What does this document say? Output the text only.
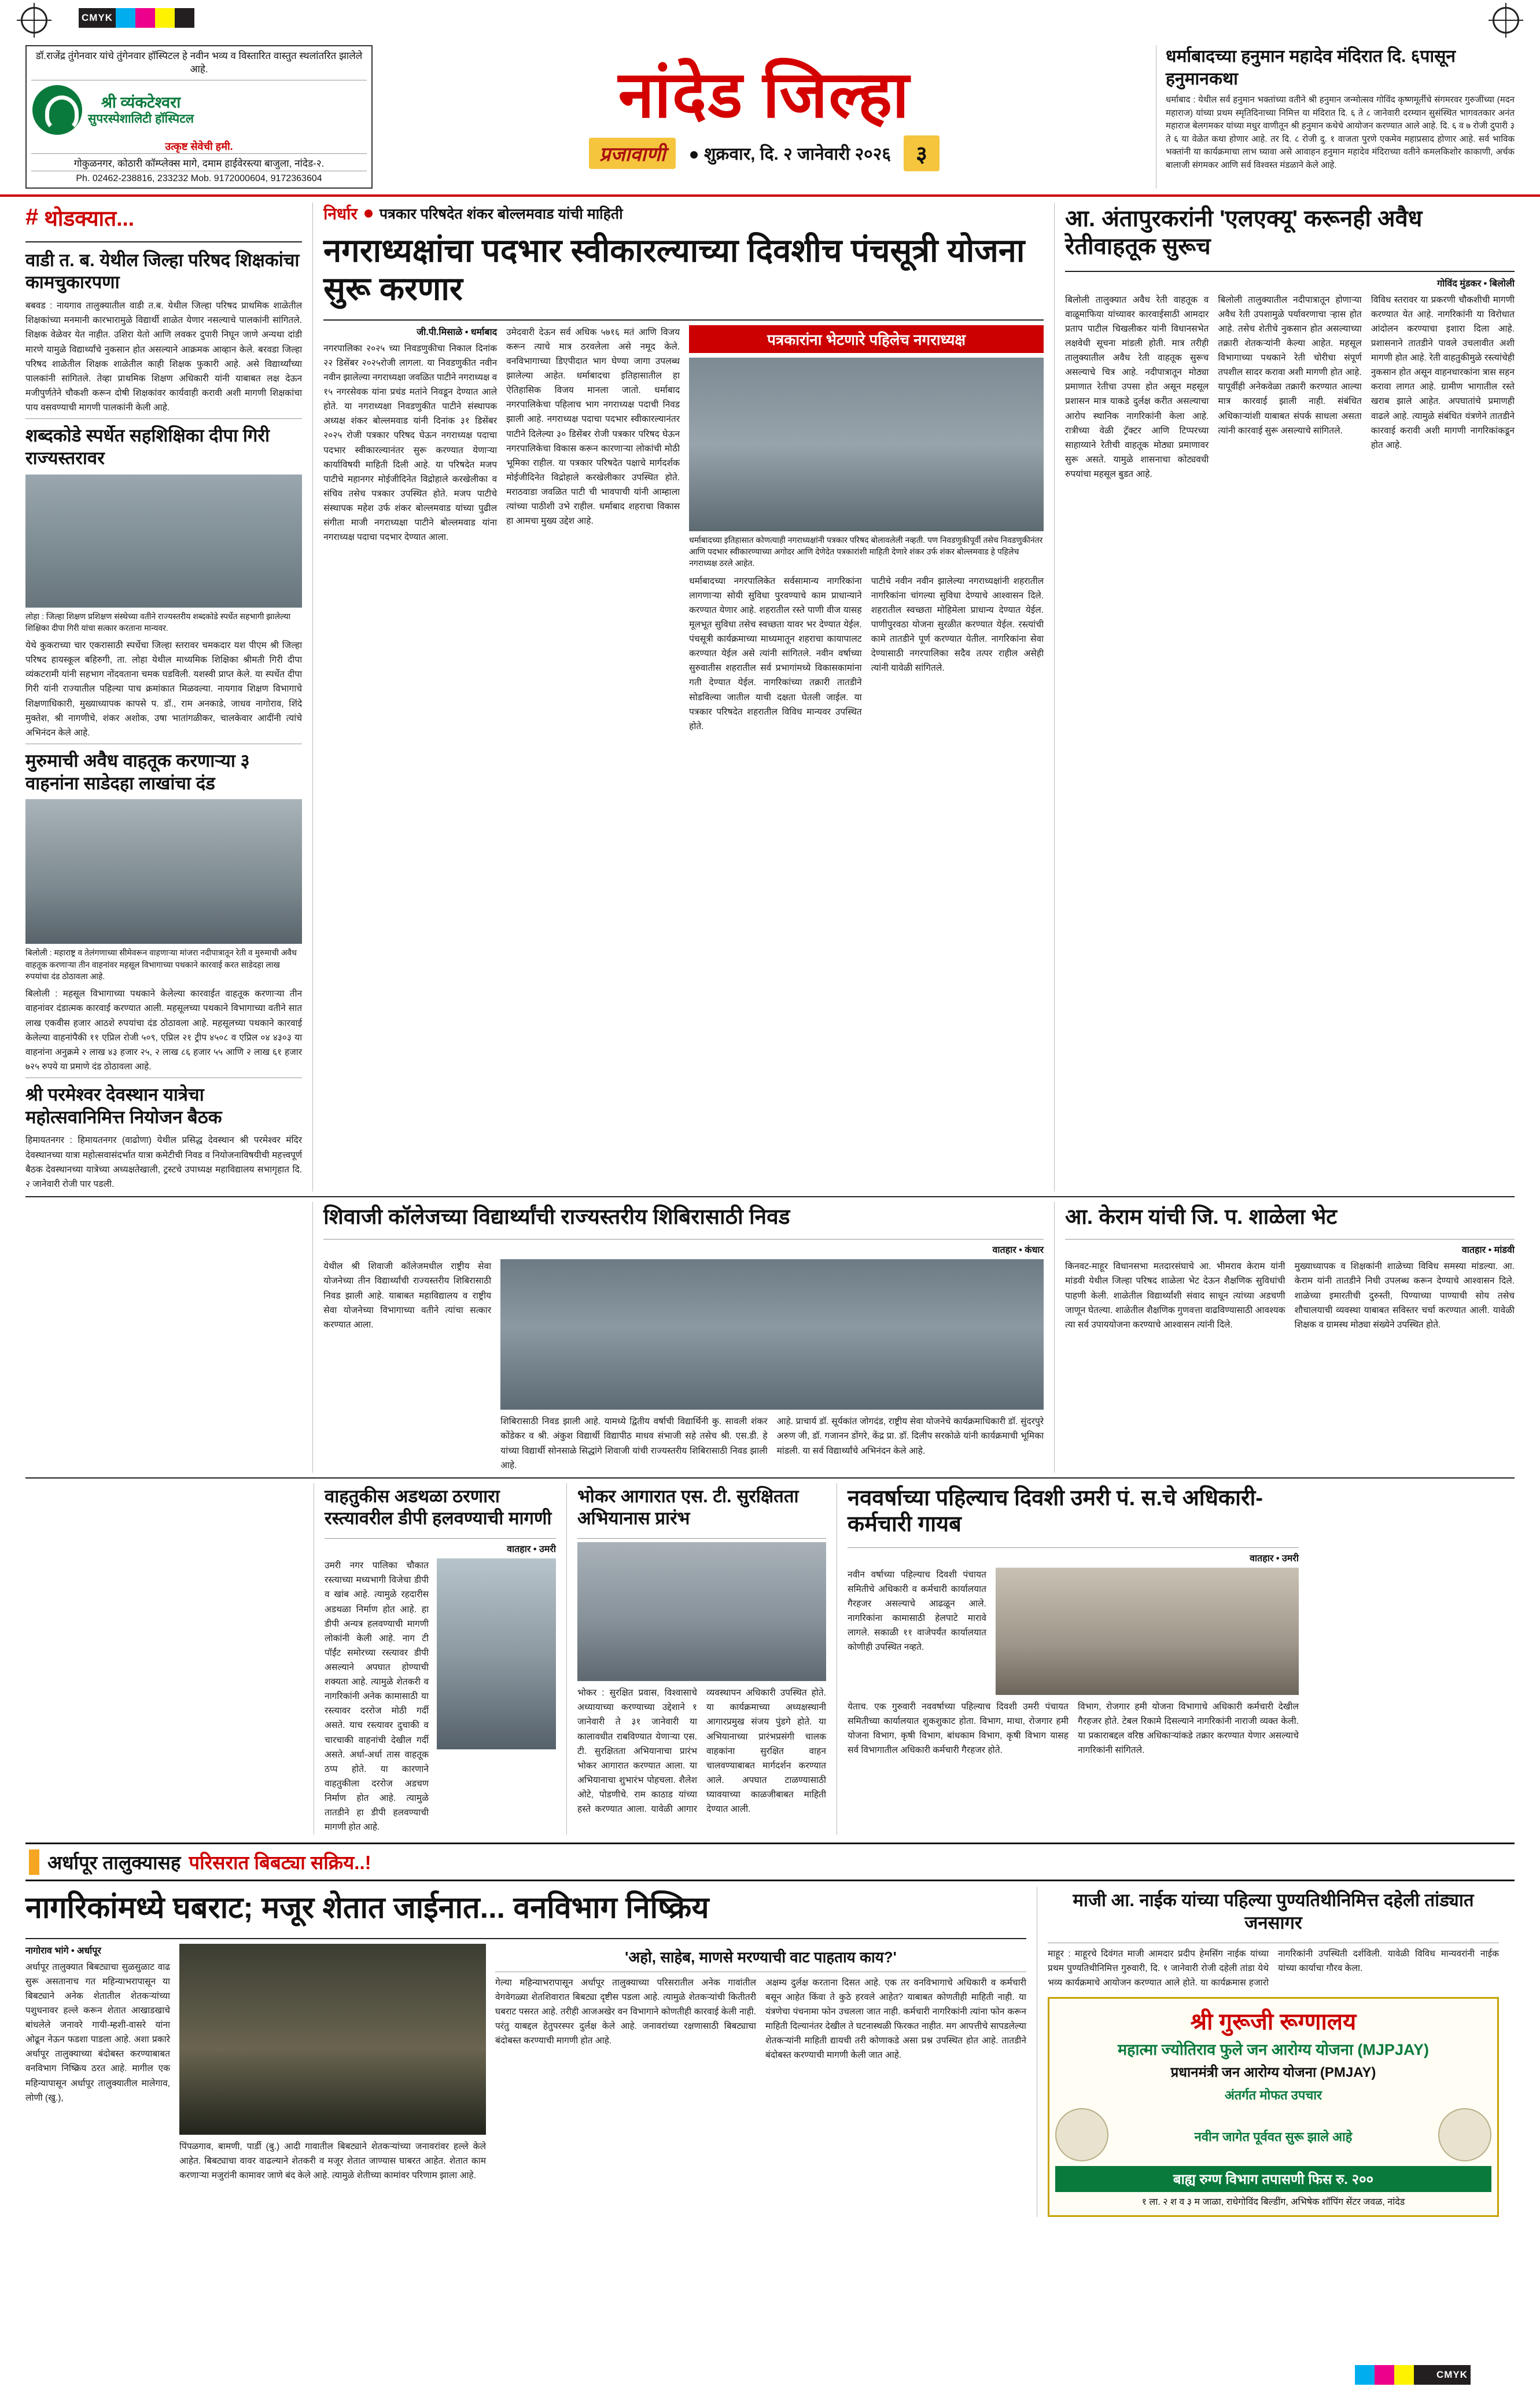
CMYK
डॉ.राजेंद्र तुंगेनवार यांचे तुंगेनवार हॉस्पिटल हे नवीन भव्य व विस्तारित वास्तुत स्थलांतरित झालेले आहे.
श्री व्यंकटेश्वरा
सुपरस्पेशालिटी हॉस्पिटल
उत्कृष्ट सेवेची हमी.
गोकुळनगर, कोठारी कॉम्प्लेक्स मागे, दमाम हाईवेरस्त्या बाजुला, नांदेड-२.
Ph. 02462-238816, 233232 Mob. 9172000604, 9172363604
नांदेड जिल्हा
प्रजावाणी	● शुक्रवार, दि. २ जानेवारी २०२६	३
धर्माबादच्या हनुमान महादेव मंदिरात दि. ६पासून हनुमानकथा

धर्माबाद : येथील सर्व हनुमान भक्तांच्या वतीने श्री हनुमान जन्मोत्सव गोविंद कृष्णमूर्तीचे संगमरवर गुरुजींच्या (मदन महाराज) यांच्या प्रथम स्मृतिदिनाच्या निमित्त या मंदिरात दि. ६ ते ८ जानेवारी दरम्यान सुसंस्थित भागवतकार अनंत महाराज बेलगमकर यांच्या मधुर वाणीतून श्री हनुमान कथेचे आयोजन करण्यात आले आहे. दि. ६ व ७ रोजी दुपारी ३ ते ६ या वेळेत कथा होणार आहे. तर दि. ८ रोजी दु. १ वाजता पुरणे एकमेव महाप्रसाद होणार आहे. सर्व भाविक भक्तांनी या कार्यक्रमाचा लाभ घ्यावा असे आवाहन हनुमान महादेव मंदिराच्या वतीने कमलकिशोर काकाणी, अर्चक बालाजी संगमकर आणि सर्व विश्वस्त मंडळाने केले आहे.

# थोडक्यात...
वाडी त. ब. येथील जिल्हा परिषद शिक्षकांचा कामचुकारपणा
बबवड : नायगाव तालुक्यातील वाडी त.ब. येथील जिल्हा परिषद प्राथमिक शाळेतील शिक्षकांच्या मनमानी कारभारामुळे विद्यार्थी शाळेत येणार नसल्याचे पालकांनी सांगितले. शिक्षक वेळेवर येत नाहीत. उशिरा येतो आणि लवकर दुपारी निघून जाणे अन्यथा दांडी मारणे यामुळे विद्यार्थ्यांचे नुकसान होत असल्याने आक्रमक आव्हान केले. बरवडा जिल्हा परिषद शाळेतील शिक्षक शाळेतील काही शिक्षक फुकारी आहे. असे विद्यार्थ्यांच्या पालकांनी सांगितले. तेव्हा प्राथमिक शिक्षण अधिकारी यांनी याबाबत लक्ष देऊन मजीपुर्णतेने चौकशी करून दोषी शिक्षकांवर कार्यवाही करावी अशी मागणी शिक्षकांचा पाय वसवण्याची मागणी पालकांनी केली आहे.
शब्दकोडे स्पर्धेत सहशिक्षिका दीपा गिरी राज्यस्तरावर
लोहा : जिल्हा शिक्षण प्रशिक्षण संस्थेच्या वतीने राज्यस्तरीय शब्दकोडे स्पर्धेत सहभागी झालेल्या शिक्षिका दीपा गिरी यांचा सत्कार करताना मान्यवर.
येथे कुकराच्या चार एकरासाठी स्पर्धेचा जिल्हा स्तरावर चमकदार यश पीएम श्री जिल्हा परिषद हायस्कूल बहिरुगी, ता. लोहा येथील माध्यमिक शिक्षिका श्रीमती गिरी दीपा व्यंकटरामी यांनी सहभाग नोंदवताना चमक घडविली. यशस्वी प्राप्त केले. या स्पर्धेत दीपा गिरी यांनी राज्यातील पहिल्या पाच क्रमांकात मिळवल्या. नायगाव शिक्षण विभागाचे शिक्षणाधिकारी, मुख्याध्यापक कापसे प. डॉ., राम अनकाडे, जाधव नागोराव, शिंदे मुक्तेश, श्री नागणीचे, शंकर अशोक, उषा भातांगळीकर, चालकेवार आदींनी त्यांचे अभिनंदन केले आहे.
मुरुमाची अवैध वाहतूक करणाऱ्या ३ वाहनांना साडेदहा लाखांचा दंड
बिलोली : महाराष्ट्र व तेलंगणाच्या सीमेवरून वाहणाऱ्या मांजरा नदीपात्रातून रेती व मुरुमाची अवैध वाहतूक करणाऱ्या तीन वाहनांवर महसूल विभागाच्या पथकाने कारवाई करत साडेदहा लाख रुपयांचा दंड ठोठावला आहे.
बिलोली : महसूल विभागाच्या पथकाने केलेल्या कारवाईत वाहतूक करणाऱ्या तीन वाहनांवर दंडात्मक कारवाई करण्यात आली. महसूलच्या पथकाने विभागाच्या वतीने सात लाख एकवीस हजार आठशे रुपयांचा दंड ठोठावला आहे. महसूलच्या पथकाने कारवाई केलेल्या वाहनांपैकी ११ एप्रिल रोजी ५०९, एप्रिल २१ ट्रीप ४५०८ व एप्रिल ०४ ४३०३ या वाहनांना अनुक्रमे २ लाख ४३ हजार २५, २ लाख ८६ हजार ५५ आणि २ लाख ६१ हजार ७२५ रुपये या प्रमाणे दंड ठोठावला आहे.
श्री परमेश्वर देवस्थान यात्रेचा महोत्सवानिमित्त नियोजन बैठक
हिमायतनगर : हिमायतनगर (वाढोणा) येथील प्रसिद्ध देवस्थान श्री परमेश्वर मंदिर देवस्थानच्या यात्रा महोत्सवासंदर्भात यात्रा कमेटीची निवड व नियोजनाविषयीची महत्त्वपूर्ण बैठक देवस्थानच्या यात्रेच्या अध्यक्षतेखाली, ट्रस्टचे उपाध्यक्ष महाविद्यालय सभागृहात दि. २ जानेवारी रोजी पार पडली.
निर्धार पत्रकार परिषदेत शंकर बोल्लमवाड यांची माहिती
नगराध्यक्षांचा पदभार स्वीकारल्याच्या दिवशीच पंचसूत्री योजना सुरू करणार
जी.पी.मिसाळे • धर्माबाद
नगरपालिका २०२५ च्या निवडणुकीचा निकाल दिनांक २२ डिसेंबर २०२५रोजी लागला. या निवडणुकीत नवीन नवीन झालेल्या नगराध्यक्षा जवळित पाटीने नगराध्यक्ष व १५ नगरसेवक यांना प्रचंड मतांने निवडून देण्यात आले होते. या नगराध्यक्षा निवडणुकीत पाटीने संस्थापक अध्यक्ष शंकर बोल्लमवाड यांनी दिनांक ३१ डिसेंबर २०२५ रोजी पत्रकार परिषद घेऊन नगराध्यक्ष पदाचा पदभार स्वीकारल्यानंतर सुरू करण्यात येणाऱ्या कार्याविषयी माहिती दिली आहे. या परिषदेत मजप पाटीचे महानगर मोईजीदिनेत विद्रोहाले करखेलीका व संचिव तसेच पत्रकार उपस्थित होते. मजप पाटीचे संस्थापक महेश उर्फ शंकर बोल्लमवाड यांच्या पुढील संगीता माजी नगराध्यक्षा पाटीने बोल्लमवाड यांना नगराध्यक्ष पदाचा पदभार देण्यात आला.
उमेदवारी देऊन सर्व अधिक ५७१६ मतं आणि विजय करून त्याचे मात्र ठरवलेला असे नमूद केले. वनविभागाच्या डिएपीदात भाग घेण्या जागा उपलब्ध झालेल्या आहेत. धर्माबादचा इतिहासातील हा ऐतिहासिक विजय मानला जातो. धर्माबाद नगरपालिकेचा पहिलाच भाग नगराध्यक्ष पदाची निवड झाली आहे. नगराध्यक्ष पदाचा पदभार स्वीकारल्यानंतर पाटीने दिलेल्या ३० डिसेंबर रोजी पत्रकार परिषद घेऊन नगरपालिकेचा विकास करून कारणाऱ्या लोकांची मोठी भूमिका राहील. या पत्रकार परिषदेत पक्षाचे मार्गदर्शक मोईजीदिनेत विद्रोहाले करखेलीकार उपस्थित होते. मराठवाडा जवळित पाटी ची भावपाची यांनी आम्हाला त्यांच्या पाठीशी उभे राहील. धर्माबाद शहराचा विकास हा आमचा मुख्य उद्देश आहे.
पत्रकारांना भेटणारे पहिलेच नगराध्यक्ष
धर्माबादच्या इतिहासात कोणत्याही नगराध्यक्षांनी पत्रकार परिषद बोलावलेली नव्हती. पण निवडणुकीपूर्वी तसेच निवडणुकीनंतर आणि पदभार स्वीकारण्याच्या अगोदर आणि देणेदेत पत्रकारांशी माहिती देणारे शंकर उर्फ शंकर बोल्लमवाड हे पहिलेच नगराध्यक्ष ठरले आहेत.
धर्माबादच्या नगरपालिकेत सर्वसामान्य नागरिकांना लागणाऱ्या सोयी सुविधा पुरवण्याचे काम प्राधान्याने करण्यात येणार आहे. शहरातील रस्ते पाणी वीज यासह मूलभूत सुविधा तसेच स्वच्छता यावर भर देण्यात येईल. पंचसूत्री कार्यक्रमाच्या माध्यमातून शहराचा कायापालट करण्यात येईल असे त्यांनी सांगितले. नवीन वर्षाच्या सुरुवातीस शहरातील सर्व प्रभागांमध्ये विकासकामांना गती देण्यात येईल. नागरिकांच्या तक्रारी तातडीने सोडविल्या जातील याची दक्षता घेतली जाईल. या पत्रकार परिषदेत शहरातील विविध मान्यवर उपस्थित होते.
पाटीचे नवीन नवीन झालेल्या नगराध्यक्षांनी शहरातील नागरिकांना चांगल्या सुविधा देण्याचे आश्वासन दिले. शहरातील स्वच्छता मोहिमेला प्राधान्य देण्यात येईल. पाणीपुरवठा योजना सुरळीत करण्यात येईल. रस्त्यांची कामे तातडीने पूर्ण करण्यात येतील. नागरिकांना सेवा देण्यासाठी नगरपालिका सदैव तत्पर राहील असेही त्यांनी यावेळी सांगितले.
आ. अंतापुरकरांनी 'एलएक्यू' करूनही अवैध रेतीवाहतूक सुरूच
गोविंद मुंडकर • बिलोली
बिलोली तालुक्यात अवैध रेती वाहतूक व वाळूमाफिया यांच्यावर कारवाईसाठी आमदार प्रताप पाटील चिखलीकर यांनी विधानसभेत लक्षवेधी सूचना मांडली होती. मात्र तरीही तालुक्यातील अवैध रेती वाहतूक सुरूच असल्याचे चित्र आहे. नदीपात्रातून मोठ्या प्रमाणात रेतीचा उपसा होत असून महसूल प्रशासन मात्र याकडे दुर्लक्ष करीत असल्याचा आरोप स्थानिक नागरिकांनी केला आहे. रात्रीच्या वेळी ट्रॅक्टर आणि टिप्परच्या साहाय्याने रेतीची वाहतूक मोठ्या प्रमाणावर सुरू असते. यामुळे शासनाचा कोट्यवधी रुपयांचा महसूल बुडत आहे.
बिलोली तालुक्यातील नदीपात्रातून होणाऱ्या अवैध रेती उपशामुळे पर्यावरणाचा ऱ्हास होत आहे. तसेच शेतीचे नुकसान होत असल्याच्या तक्रारी शेतकऱ्यांनी केल्या आहेत. महसूल विभागाच्या पथकाने रेती चोरीचा संपूर्ण तपशील सादर करावा अशी मागणी होत आहे. यापूर्वीही अनेकवेळा तक्रारी करण्यात आल्या मात्र कारवाई झाली नाही. संबंधित अधिकाऱ्यांशी याबाबत संपर्क साधला असता त्यांनी कारवाई सुरू असल्याचे सांगितले.
विविध स्तरावर या प्रकरणी चौकशीची मागणी करण्यात येत आहे. नागरिकांनी या विरोधात आंदोलन करण्याचा इशारा दिला आहे. प्रशासनाने तातडीने पावले उचलावीत अशी मागणी होत आहे. रेती वाहतुकीमुळे रस्त्यांचेही नुकसान होत असून वाहनधारकांना त्रास सहन करावा लागत आहे. ग्रामीण भागातील रस्ते खराब झाले आहेत. अपघातांचे प्रमाणही वाढले आहे. त्यामुळे संबंधित यंत्रणेने तातडीने कारवाई करावी अशी मागणी नागरिकांकडून होत आहे.
शिवाजी कॉलेजच्या विद्यार्थ्यांची राज्यस्तरीय शिबिरासाठी निवड
वातहार • कंधार
येथील श्री शिवाजी कॉलेजमधील राष्ट्रीय सेवा योजनेच्या तीन विद्यार्थ्यांची राज्यस्तरीय शिबिरासाठी निवड झाली आहे. याबाबत महाविद्यालय व राष्ट्रीय सेवा योजनेच्या विभागाच्या वतीने त्यांचा सत्कार करण्यात आला.
शिबिरासाठी निवड झाली आहे. यामध्ये द्वितीय वर्षाची विद्यार्थिनी कु. सावली शंकर कोंडेकर व श्री. अंकुश विद्यार्थी विद्यापीठ माधव संभाजी सहे तसेच श्री. एस.डी. हे यांच्या विद्यार्थी सोनसाळे सिद्धांगे शिवाजी यांची राज्यस्तरीय शिबिरासाठी निवड झाली आहे.
आहे. प्राचार्य डॉ. सूर्यकांत जोगदंड, राष्ट्रीय सेवा योजनेचे कार्यक्रमाधिकारी डॉ. सुंदरपुरे अरुण जी, डॉ. गजानन डोंगरे, केंद्र प्रा. डॉ. दिलीप सरकोळे यांनी कार्यक्रमाची भूमिका मांडली. या सर्व विद्यार्थ्यांचे अभिनंदन केले आहे.
आ. केराम यांची जि. प. शाळेला भेट
वातहार • मांडवी
किनवट-माहूर विधानसभा मतदारसंघाचे आ. भीमराव केराम यांनी मांडवी येथील जिल्हा परिषद शाळेला भेट देऊन शैक्षणिक सुविधांची पाहणी केली. शाळेतील विद्यार्थ्यांशी संवाद साधून त्यांच्या अडचणी जाणून घेतल्या. शाळेतील शैक्षणिक गुणवत्ता वाढविण्यासाठी आवश्यक त्या सर्व उपाययोजना करण्याचे आश्वासन त्यांनी दिले.
मुख्याध्यापक व शिक्षकांनी शाळेच्या विविध समस्या मांडल्या. आ. केराम यांनी तातडीने निधी उपलब्ध करून देण्याचे आश्वासन दिले. शाळेच्या इमारतीची दुरुस्ती, पिण्याच्या पाण्याची सोय तसेच शौचालयाची व्यवस्था याबाबत सविस्तर चर्चा करण्यात आली. यावेळी शिक्षक व ग्रामस्थ मोठ्या संख्येने उपस्थित होते.
वाहतुकीस अडथळा ठरणारा रस्त्यावरील डीपी हलवण्याची मागणी
वातहार • उमरी
उमरी नगर पालिका चौकात रस्त्याच्या मध्यभागी विजेचा डीपी व खांब आहे. त्यामुळे रहदारीस अडथळा निर्माण होत आहे. हा डीपी अन्यत्र हलवण्याची मागणी लोकांनी केली आहे. नाग टी पॉईंट समोरच्या रस्त्यावर डीपी असल्याने अपघात होण्याची शक्यता आहे. त्यामुळे शेतकरी व नागरिकांनी अनेक कामासाठी या रस्त्यावर दररोज मोठी गर्दी असते. याच रस्त्यावर दुचाकी व चारचाकी वाहनांची देखील गर्दी असते. अर्धा-अर्धा तास वाहतूक ठप्प होते. या कारणाने वाहतुकीला दररोज अडचण निर्माण होत आहे. त्यामुळे तातडीने हा डीपी हलवण्याची मागणी होत आहे.
भोकर आगारात एस. टी. सुरक्षितता अभियानास प्रारंभ
भोकर : सुरक्षित प्रवास, विश्वासाचे अध्यायाच्या करण्याच्या उद्देशाने १ जानेवारी ते ३१ जानेवारी या कालावधीत राबविण्यात येणाऱ्या एस. टी. सुरक्षितता अभियानाचा प्रारंभ भोकर आगारात करण्यात आला. या अभियानाचा शुभारंभ पोहचला. शैलेश ओटे, पोडणीचे. राम काठाड यांच्या हस्ते करण्यात आला. यावेळी आगार व्यवस्थापन अधिकारी उपस्थित होते. या कार्यक्रमाच्या अध्यक्षस्थानी आगारप्रमुख संजय पुंडगे होते. या अभियानाच्या प्रारंभप्रसंगी चालक वाहकांना सुरक्षित वाहन चालवण्याबाबत मार्गदर्शन करण्यात आले. अपघात टाळण्यासाठी घ्यावयाच्या काळजीबाबत माहिती देण्यात आली.
नववर्षाच्या पहिल्याच दिवशी उमरी पं. स.चे अधिकारी-कर्मचारी गायब
वातहार • उमरी
नवीन वर्षाच्या पहिल्याच दिवशी पंचायत समितीचे अधिकारी व कर्मचारी कार्यालयात गैरहजर असल्याचे आढळून आले. नागरिकांना कामासाठी हेलपाटे मारावे लागले. सकाळी ११ वाजेपर्यंत कार्यालयात कोणीही उपस्थित नव्हते.
येताच. एक गुरुवारी नववर्षाच्या पहिल्याच दिवशी उमरी पंचायत समितीच्या कार्यालयात शुकशुकाट होता. विभाग, माथा, रोजगार हमी योजना विभाग, कृषी विभाग, बांधकाम विभाग, कृषी विभाग यासह सर्व विभागातील अधिकारी कर्मचारी गैरहजर होते.
विभाग, रोजगार हमी योजना विभागाचे अधिकारी कर्मचारी देखील गैरहजर होते. टेबल रिकामे दिसल्याने नागरिकांनी नाराजी व्यक्त केली. या प्रकाराबद्दल वरिष्ठ अधिकाऱ्यांकडे तक्रार करण्यात येणार असल्याचे नागरिकांनी सांगितले.
अर्धापूर तालुक्यासह परिसरात बिबट्या सक्रिय..!
नागरिकांमध्ये घबराट; मजूर शेतात जाईनात... वनविभाग निष्क्रिय
नागोराव भांगे • अर्धापूर
अर्धापूर तालुक्यात बिबट्याचा सुळसुळाट वाढ सुरू असतानाच गत महिन्याभरापासून या बिबट्याने अनेक शेतातील शेतकऱ्यांच्या पशुधनावर हल्ले करून शेतात आखाडखाचे बांधलेले जनावरे गायी-म्हशी-वासरे यांना ओढून नेऊन फडशा पाडला आहे. अशा प्रकारे अर्धापूर तालुक्याच्या बंदोबस्त करण्याबाबत वनविभाग निष्क्रिय ठरत आहे. मागील एक महिन्यापासून अर्धापूर तालुक्यातील मालेगाव, लोणी (खु.),
पिंपळगाव, बामणी, पार्डी (बु.) आदी गावातील बिबट्याने शेतकऱ्यांच्या जनावरांवर हल्ले केले आहेत. बिबट्याचा वावर वाढल्याने शेतकरी व मजूर शेतात जाण्यास घाबरत आहेत. शेतात काम करणाऱ्या मजुरांनी कामावर जाणे बंद केले आहे. त्यामुळे शेतीच्या कामांवर परिणाम झाला आहे.
'अहो, साहेब, माणसे मरण्याची वाट पाहताय काय?'
गेल्या महिन्याभरापासून अर्धापूर तालुक्याच्या परिसरातील अनेक गावांतील वेगवेगळ्या शेतशिवारात बिबट्या दृष्टीस पडला आहे. त्यामुळे शेतकऱ्यांची कितीतरी घबराट पसरत आहे. तरीही आजअखेर वन विभागाने कोणतीही कारवाई केली नाही. परंतु याबद्दल हेतुपरस्पर दुर्लक्ष केले आहे. जनावरांच्या रक्षणासाठी बिबट्याचा बंदोबस्त करण्याची मागणी होत आहे.
अक्षम्य दुर्लक्ष करताना दिसत आहे. एक तर वनविभागाचे अधिकारी व कर्मचारी बसून आहेत किंवा ते कुठे हरवले आहेत? याबाबत कोणतीही माहिती नाही. या यंत्रणेचा पंचनामा फोन उचलला जात नाही. कर्मचारी नागरिकांनी त्यांना फोन करून माहिती दिल्यानंतर देखील ते घटनास्थळी फिरकत नाहीत. मग आपत्तीचे सापडलेल्या शेतकऱ्यांनी माहिती द्यायची तरी कोणाकडे असा प्रश्न उपस्थित होत आहे. तातडीने बंदोबस्त करण्याची मागणी केली जात आहे.
माजी आ. नाईक यांच्या पहिल्या पुण्यतिथीनिमित्त दहेली तांड्यात जनसागर
माहूर : माहूरचे दिवंगत माजी आमदार प्रदीप हेमसिंग नाईक यांच्या प्रथम पुण्यतिथीनिमित्त गुरुवारी, दि. १ जानेवारी रोजी दहेली तांडा येथे भव्य कार्यक्रमाचे आयोजन करण्यात आले होते. या कार्यक्रमास हजारो नागरिकांनी उपस्थिती दर्शविली. यावेळी विविध मान्यवरांनी नाईक यांच्या कार्याचा गौरव केला.
श्री गुरूजी रूग्णालय
महात्मा ज्योतिराव फुले जन आरोग्य योजना (MJPJAY)
प्रधानमंत्री जन आरोग्य योजना (PMJAY)
अंतर्गत मोफत उपचार
नवीन जागेत पूर्ववत सुरू झाले आहे
बाह्य रुग्ण विभाग तपासणी फिस रु. २००
१ ला. २ श व ३ म जाळा, राधेगोविंद बिल्डींग, अभिषेक शॉपिंग सेंटर जवळ, नांदेड
CMYK
